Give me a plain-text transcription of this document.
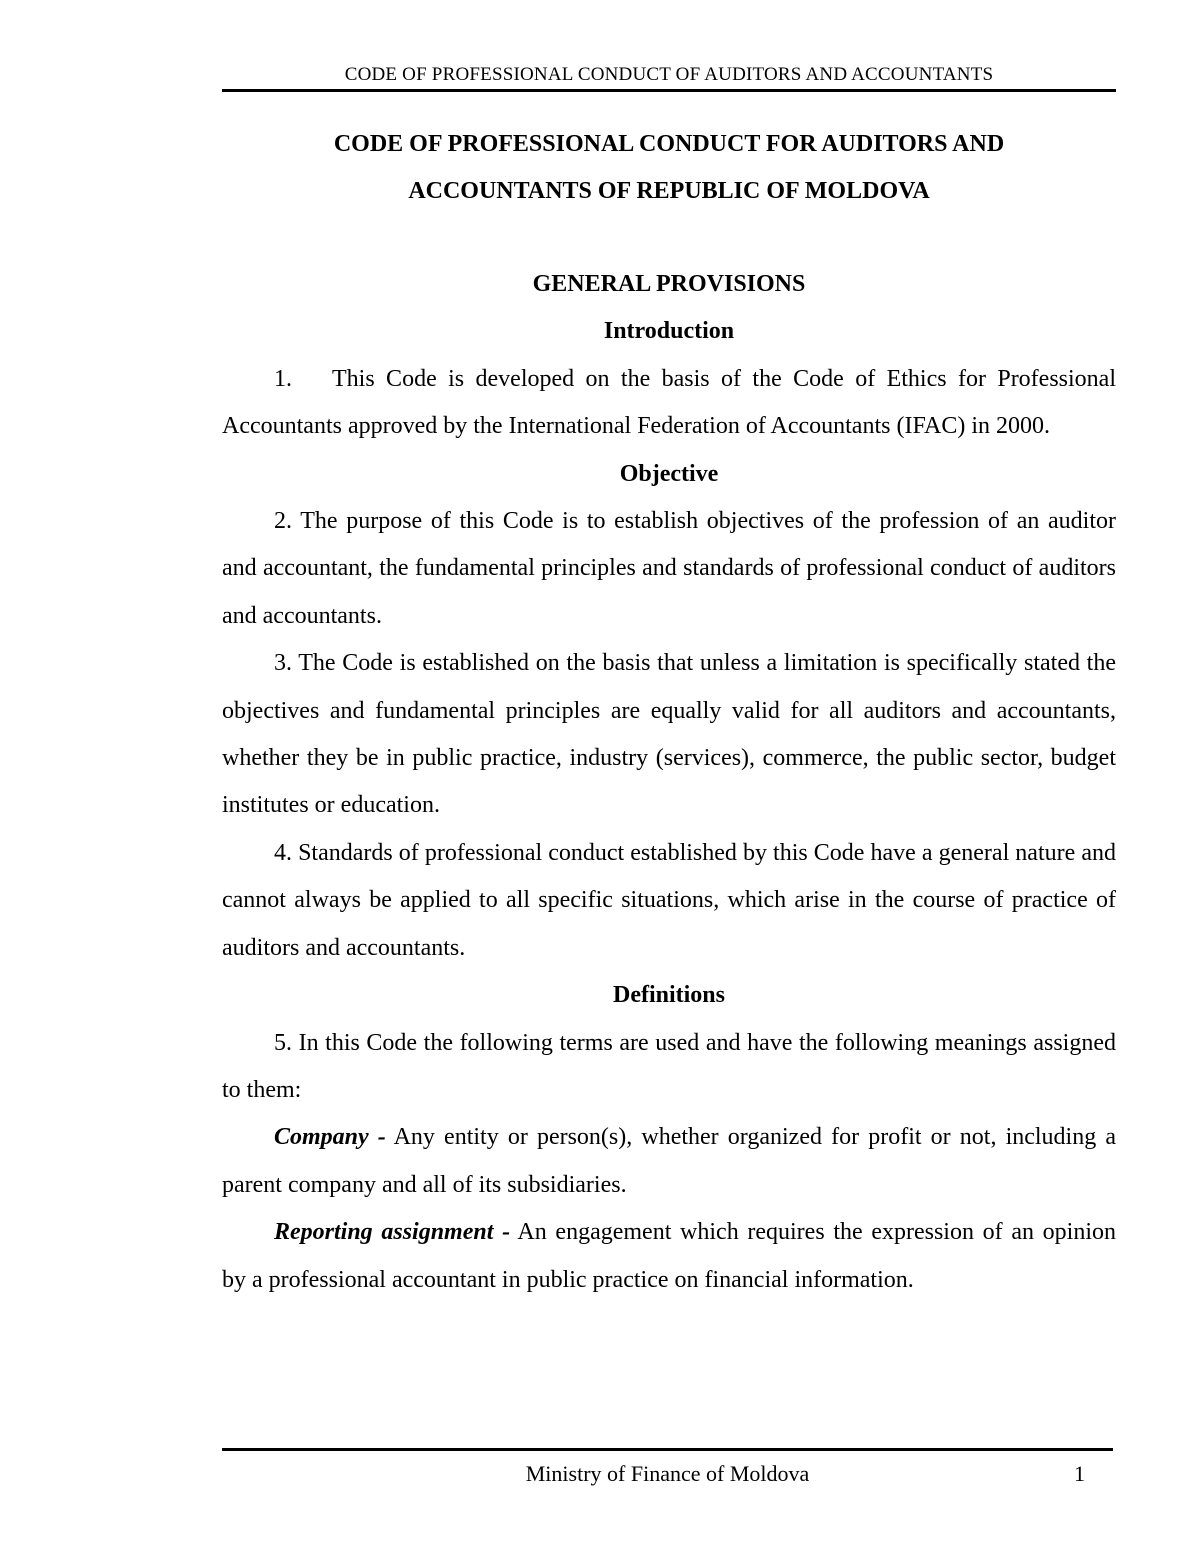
CODE OF PROFESSIONAL CONDUCT OF AUDITORS AND ACCOUNTANTS

CODE OF PROFESSIONAL CONDUCT FOR AUDITORS AND

ACCOUNTANTS OF REPUBLIC OF MOLDOVA

GENERAL PROVISIONS

Introduction

1. This Code is developed on the basis of the Code of Ethics for Professional Accountants approved by the International Federation of Accountants (IFAC) in 2000.

Objective

2. The purpose of this Code is to establish objectives of the profession of an auditor and accountant, the fundamental principles and standards of professional conduct of auditors and accountants.

3. The Code is established on the basis that unless a limitation is specifically stated the objectives and fundamental principles are equally valid for all auditors and accountants, whether they be in public practice, industry (services), commerce, the public sector, budget institutes or education.

4. Standards of professional conduct established by this Code have a general nature and cannot always be applied to all specific situations, which arise in the course of practice of auditors and accountants.

Definitions

5. In this Code the following terms are used and have the following meanings assigned to them:

Company - Any entity or person(s), whether organized for profit or not, including a parent company and all of its subsidiaries.

Reporting assignment - An engagement which requires the expression of an opinion by a professional accountant in public practice on financial information.

Ministry of Finance of Moldova	1
